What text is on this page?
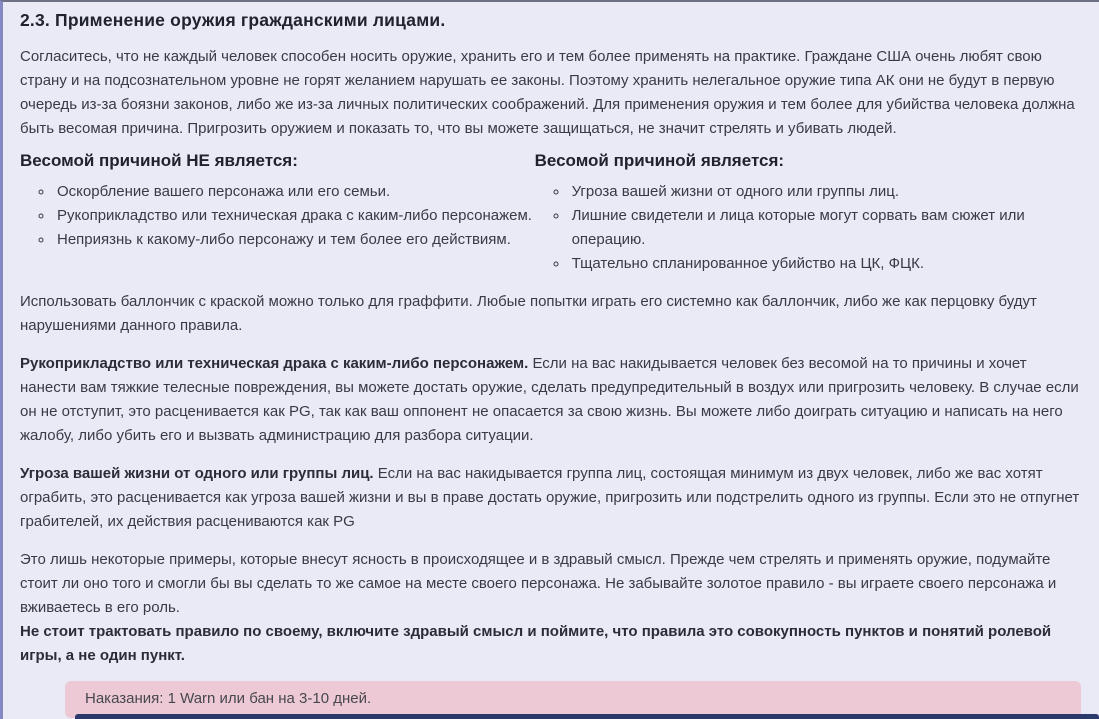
2.3. Применение оружия гражданскими лицами.

Согласитесь, что не каждый человек способен носить оружие, хранить его и тем более применять на практике. Граждане США очень любят свою страну и на подсознательном уровне не горят желанием нарушать ее законы. Поэтому хранить нелегальное оружие типа АК они не будут в первую очередь из-за боязни законов, либо же из-за личных политических соображений. Для применения оружия и тем более для убийства человека должна быть весомая причина. Пригрозить оружием и показать то, что вы можете защищаться, не значит стрелять и убивать людей.

Весомой причиной НЕ является:
◦ Оскорбление вашего персонажа или его семьи.
◦ Рукоприкладство или техническая драка с каким-либо персонажем.
◦ Неприязнь к какому-либо персонажу и тем более его действиям.
Весомой причиной является:
◦ Угроза вашей жизни от одного или группы лиц.
◦ Лишние свидетели и лица которые могут сорвать вам сюжет или операцию.
◦ Тщательно спланированное убийство на ЦК, ФЦК.

Использовать баллончик с краской можно только для граффити. Любые попытки играть его системно как баллончик, либо же как перцовку будут нарушениями данного правила.

Рукоприкладство или техническая драка с каким-либо персонажем. Если на вас накидывается человек без весомой на то причины и хочет нанести вам тяжкие телесные повреждения, вы можете достать оружие, сделать предупредительный в воздух или пригрозить человеку. В случае если он не отступит, это расценивается как PG, так как ваш оппонент не опасается за свою жизнь. Вы можете либо доиграть ситуацию и написать на него жалобу, либо убить его и вызвать администрацию для разбора ситуации.

Угроза вашей жизни от одного или группы лиц. Если на вас накидывается группа лиц, состоящая минимум из двух человек, либо же вас хотят ограбить, это расценивается как угроза вашей жизни и вы в праве достать оружие, пригрозить или подстрелить одного из группы. Если это не отпугнет грабителей, их действия расцениваются как PG

Это лишь некоторые примеры, которые внесут ясность в происходящее и в здравый смысл. Прежде чем стрелять и применять оружие, подумайте стоит ли оно того и смогли бы вы сделать то же самое на месте своего персонажа. Не забывайте золотое правило - вы играете своего персонажа и вживаетесь в его роль.
Не стоит трактовать правило по своему, включите здравый смысл и поймите, что правила это совокупность пунктов и понятий ролевой игры, а не один пункт.
Наказания: 1 Warn или бан на 3-10 дней.
